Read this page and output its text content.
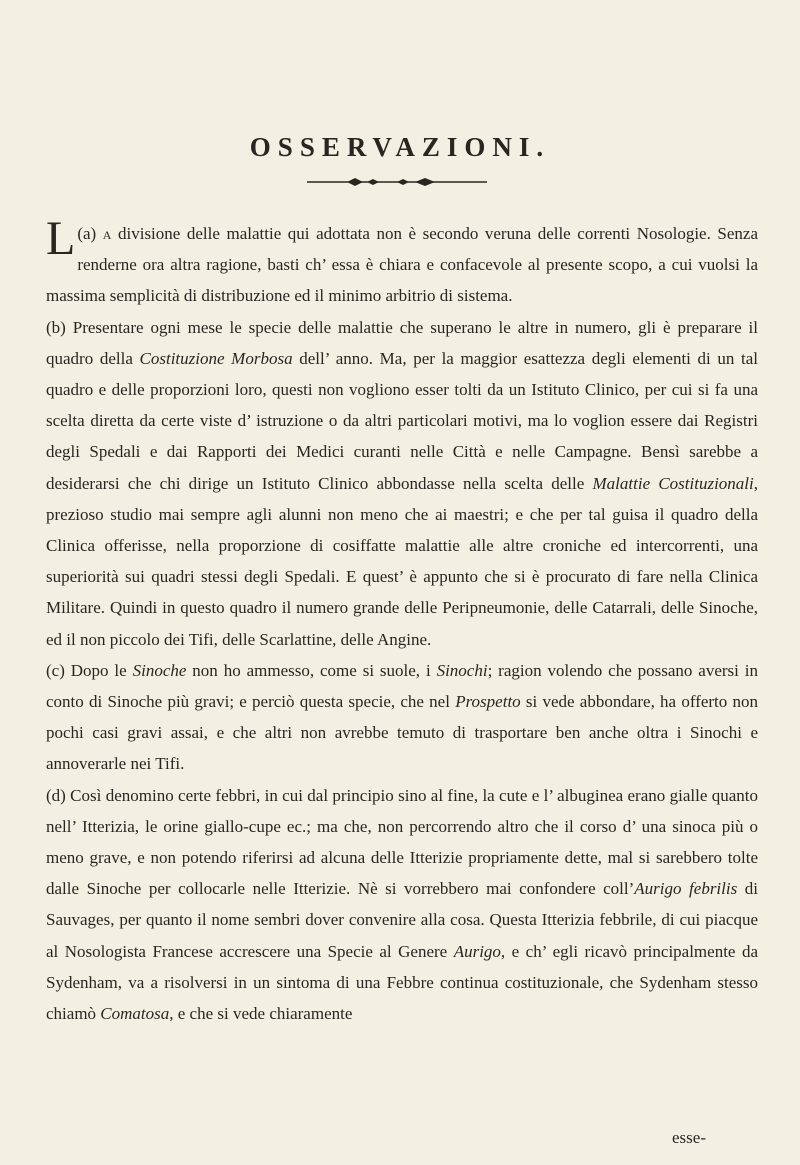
OSSERVAZIONI.

(a)
L a divisione delle malattie qui adottata non è secondo veruna delle correnti Nosologie. Senza renderne ora altra ragione, basti ch’ essa è chiara e confacevole al presente scopo, a cui vuolsi la massima semplicità di distribuzione ed il minimo arbitrio di sistema.

(b) Presentare ogni mese le specie delle malattie che superano le altre in numero, gli è preparare il quadro della Costituzione Morbosa dell’ anno. Ma, per la maggior esattezza degli elementi di un tal quadro e delle proporzioni loro, questi non vogliono esser tolti da un Istituto Clinico, per cui si fa una scelta diretta da certe viste d’ istruzione o da altri particolari motivi, ma lo voglion essere dai Registri degli Spedali e dai Rapporti dei Medici curanti nelle Città e nelle Campagne. Bensì sarebbe a desiderarsi che chi dirige un Istituto Clinico abbondasse nella scelta delle Malattie Costituzionali, prezioso studio mai sempre agli alunni non meno che ai maestri; e che per tal guisa il quadro della Clinica offerisse, nella proporzione di cosiffatte malattie alle altre croniche ed intercorrenti, una superiorità sui quadri stessi degli Spedali. E quest’ è appunto che si è procurato di fare nella Clinica Militare. Quindi in questo quadro il numero grande delle Peripneumonie, delle Catarrali, delle Sinoche, ed il non piccolo dei Tifi, delle Scarlattine, delle Angine.

(c) Dopo le Sinoche non ho ammesso, come si suole, i Sinochi; ragion volendo che possano aversi in conto di Sinoche più gravi; e perciò questa specie, che nel Prospetto si vede abbondare, ha offerto non pochi casi gravi assai, e che altri non avrebbe temuto di trasportare ben anche oltra i Sinochi e annoverarle nei Tifi.

(d) Così denomino certe febbri, in cui dal principio sino al fine, la cute e l’ albuginea erano gialle quanto nell’ Itterizia, le orine giallo-cupe ec.; ma che, non percorrendo altro che il corso d’ una sinoca più o meno grave, e non potendo riferirsi ad alcuna delle Itterizie propriamente dette, mal si sarebbero tolte dalle Sinoche per collocarle nelle Itterizie. Nè si vorrebbero mai confondere coll’Aurigo febrilis di Sauvages, per quanto il nome sembri dover convenire alla cosa. Questa Itterizia febbrile, di cui piacque al Nosologista Francese accrescere una Specie al Genere Aurigo, e ch’ egli ricavò principalmente da Sydenham, va a risolversi in un sintoma di una Febbre continua costituzionale, che Sydenham stesso chiamò Comatosa, e che si vede chiaramente

esse-
